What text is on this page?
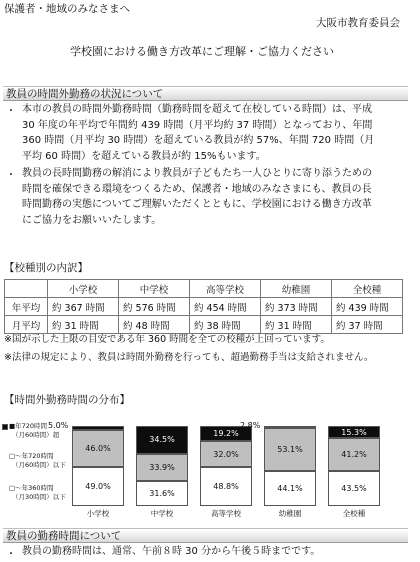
保護者・地域のみなさまへ
大阪市教育委員会
学校園における働き方改革にご理解・ご協力ください
教員の時間外勤務の状況について
・ 本市の教員の時間外勤務時間（勤務時間を超えて在校している時間）は、平成
30 年度の年平均で年間約 439 時間（月平均約 37 時間）となっており、年間
360 時間（月平均 30 時間）を超えている教員が約 57%、年間 720 時間（月
平均 60 時間）を超えている教員が約 15%もいます。
・ 教員の長時間勤務の解消により教員が子どもたち一人ひとりに寄り添うための
時間を確保できる環境をつくるため、保護者・地域のみなさまにも、教員の長
時間勤務の実態についてご理解いただくとともに、学校園における働き方改革
にご協力をお願いいたします。
【校種別の内訳】
	小学校	中学校	高等学校	幼稚園	全校種
年平均	約 367 時間	約 576 時間	約 454 時間	約 373 時間	約 439 時間
月平均	約 31 時間	約 48 時間	約 38 時間	約 31 時間	約 37 時間
※国が示した上限の目安である年 360 時間を全ての校種が上回っています。
※法律の規定により、教員は時間外勤務を行っても、超過勤務手当は支給されません。
【時間外勤務時間の分布】
■年720時間
（月60時間）超
□〜年720時間
（月60時間）以下
□〜年360時間
（月30時間）以下
49.0%
46.0%
5.0%
小学校
31.6%
33.9%
34.5%
中学校
48.8%
32.0%
19.2%
高等学校
44.1%
53.1%
2.8%
幼稚園
43.5%
41.2%
15.3%
全校種
教員の勤務時間について
・ 教員の勤務時間は、通常、午前８時 30 分から午後５時までです。
